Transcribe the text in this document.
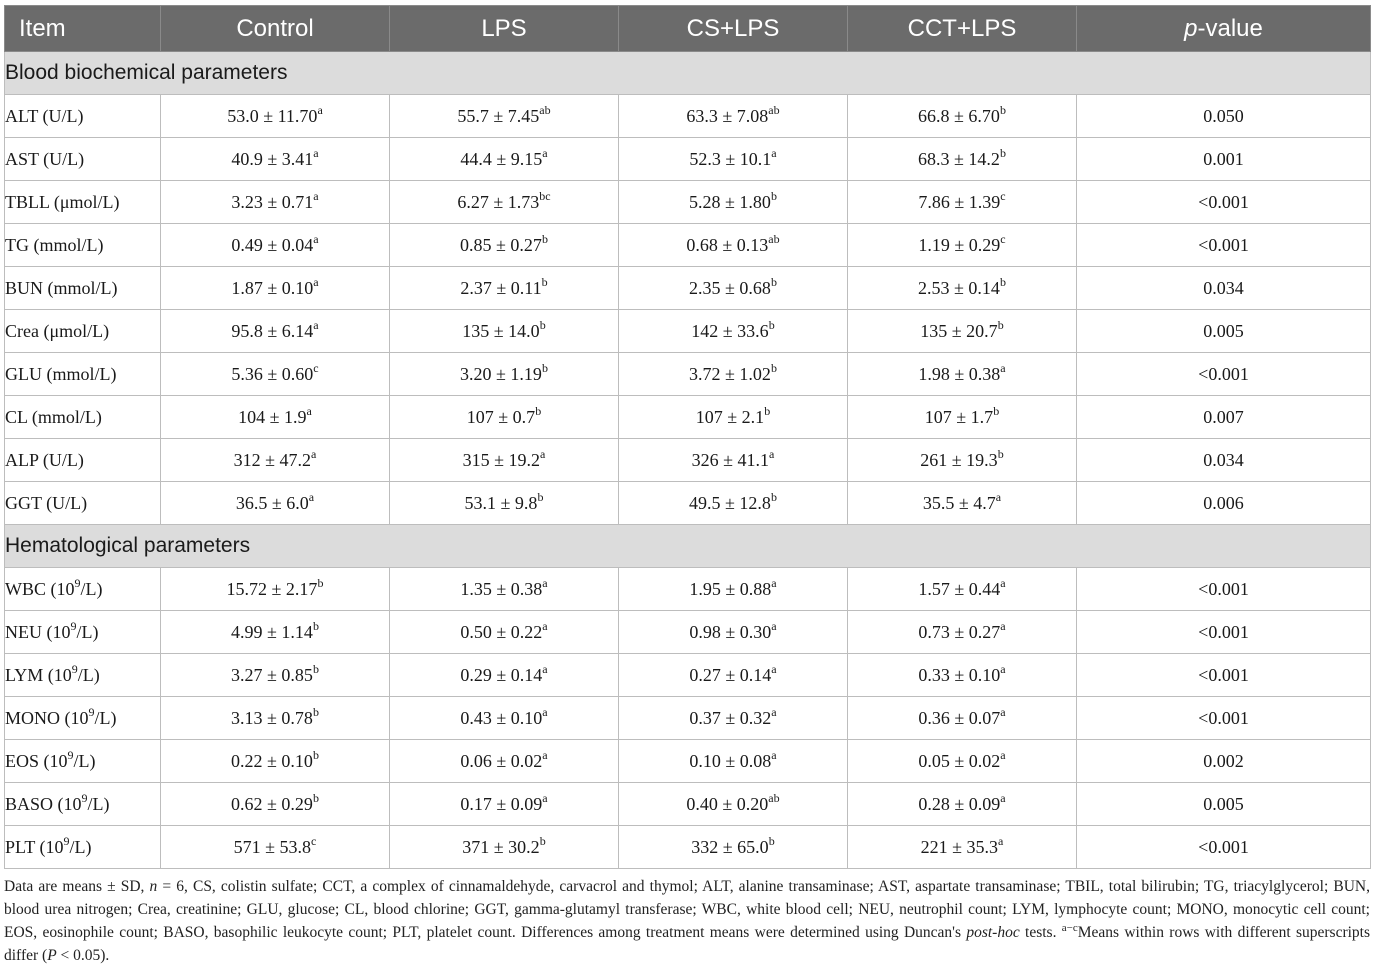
Item	Control	LPS	CS+LPS	CCT+LPS	p-value
Blood biochemical parameters					
ALT (U/L)	53.0 ± 11.70$^a$	55.7 ± 7.45$^{ab}$	63.3 ± 7.08$^{ab}$	66.8 ± 6.70$^b$	0.050
AST (U/L)	40.9 ± 3.41$^a$	44.4 ± 9.15$^a$	52.3 ± 10.1$^a$	68.3 ± 14.2$^b$	0.001
TBLL (μmol/L)	3.23 ± 0.71$^a$	6.27 ± 1.73$^{bc}$	5.28 ± 1.80$^b$	7.86 ± 1.39$^c$	<0.001
TG (mmol/L)	0.49 ± 0.04$^a$	0.85 ± 0.27$^b$	0.68 ± 0.13$^{ab}$	1.19 ± 0.29$^c$	<0.001
BUN (mmol/L)	1.87 ± 0.10$^a$	2.37 ± 0.11$^b$	2.35 ± 0.68$^b$	2.53 ± 0.14$^b$	0.034
Crea (μmol/L)	95.8 ± 6.14$^a$	135 ± 14.0$^b$	142 ± 33.6$^b$	135 ± 20.7$^b$	0.005
GLU (mmol/L)	5.36 ± 0.60$^c$	3.20 ± 1.19$^b$	3.72 ± 1.02$^b$	1.98 ± 0.38$^a$	<0.001
CL (mmol/L)	104 ± 1.9$^a$	107 ± 0.7$^b$	107 ± 2.1$^b$	107 ± 1.7$^b$	0.007
ALP (U/L)	312 ± 47.2$^a$	315 ± 19.2$^a$	326 ± 41.1$^a$	261 ± 19.3$^b$	0.034
GGT (U/L)	36.5 ± 6.0$^a$	53.1 ± 9.8$^b$	49.5 ± 12.8$^b$	35.5 ± 4.7$^a$	0.006
Hematological parameters					
WBC $(10^9/L)$	15.72 ± 2.17$^b$	1.35 ± 0.38$^a$	1.95 ± 0.88$^a$	1.57 ± 0.44$^a$	<0.001
NEU $(10^9/L)$	4.99 ± 1.14$^b$	0.50 ± 0.22$^a$	0.98 ± 0.30$^a$	0.73 ± 0.27$^a$	<0.001
LYM $(10^9/L)$	3.27 ± 0.85$^b$	0.29 ± 0.14$^a$	0.27 ± 0.14$^a$	0.33 ± 0.10$^a$	<0.001
MONO $(10^9/L)$	3.13 ± 0.78$^b$	0.43 ± 0.10$^a$	0.37 ± 0.32$^a$	0.36 ± 0.07$^a$	<0.001
EOS $(10^9/L)$	0.22 ± 0.10$^b$	0.06 ± 0.02$^a$	0.10 ± 0.08$^a$	0.05 ± 0.02$^a$	0.002
BASO $(10^9/L)$	0.62 ± 0.29$^b$	0.17 ± 0.09$^a$	0.40 ± 0.20$^{ab}$	0.28 ± 0.09$^a$	0.005
PLT $(10^9/L)$	571 ± 53.8$^c$	371 ± 30.2$^b$	332 ± 65.0$^b$	221 ± 35.3$^a$	<0.001
Data are means ± SD, n = 6, CS, colistin sulfate; CCT, a complex of cinnamaldehyde, carvacrol and thymol; ALT, alanine transaminase; AST, aspartate transaminase; TBIL, total bilirubin; TG, triacylglycerol; BUN, blood urea nitrogen; Crea, creatinine; GLU, glucose; CL, blood chlorine; GGT, gamma-glutamyl transferase; WBC, white blood cell; NEU, neutrophil count; LYM, lymphocyte count; MONO, monocytic cell count; EOS, eosinophile count; BASO, basophilic leukocyte count; PLT, platelet count. Differences among treatment means were determined using Duncan's post-hoc tests. $^{a-c}$Means within rows with different superscripts differ (P < 0.05).
